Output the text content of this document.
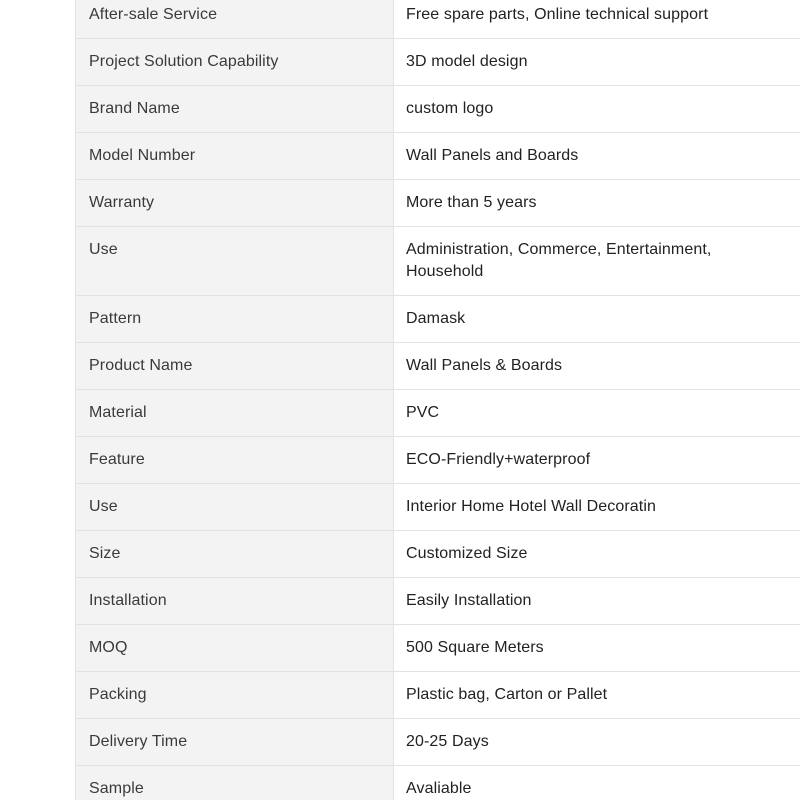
After-sale Service	Free spare parts, Online technical support
Project Solution Capability	3D model design
Brand Name	custom logo
Model Number	Wall Panels and Boards
Warranty	More than 5 years
Use	Administration, Commerce, Entertainment, Household
Pattern	Damask
Product Name	Wall Panels & Boards
Material	PVC
Feature	ECO-Friendly+waterproof
Use	Interior Home Hotel Wall Decoratin
Size	Customized Size
Installation	Easily Installation
MOQ	500 Square Meters
Packing	Plastic bag, Carton or Pallet
Delivery Time	20-25 Days
Sample	Avaliable
